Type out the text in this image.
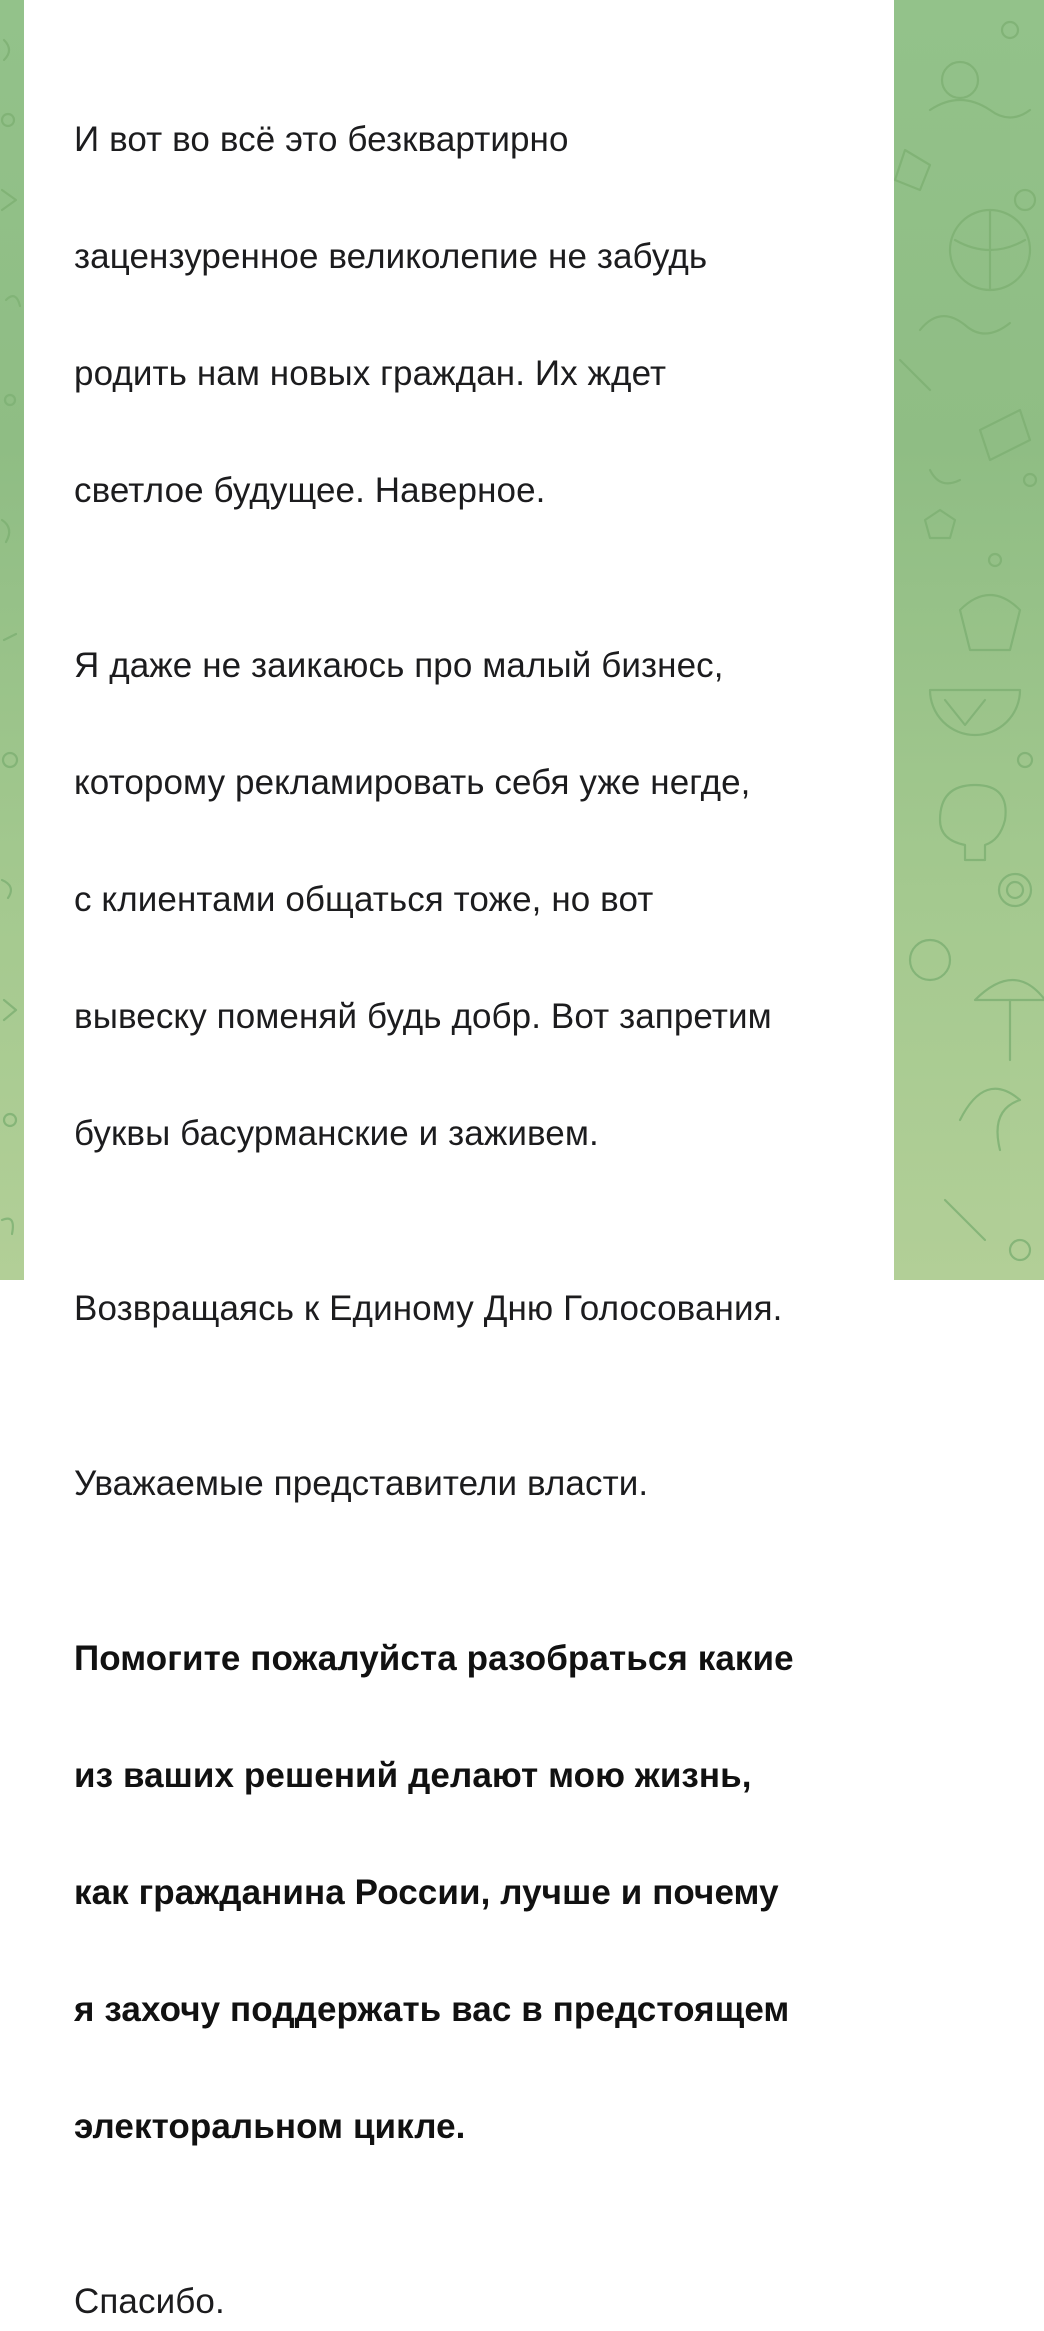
И вот во всё это безквартирно

зацензуренное великолепие не забудь

родить нам новых граждан. Их ждет

светлое будущее. Наверное.

Я даже не заикаюсь про малый бизнес,

которому рекламировать себя уже негде,

с клиентами общаться тоже, но вот

вывеску поменяй будь добр. Вот запретим

буквы басурманские и заживем.

Возвращаясь к Единому Дню Голосования.

Уважаемые представители власти.

Помогите пожалуйста разобраться какие

из ваших решений делают мою жизнь,

как гражданина России, лучше и почему

я захочу поддержать вас в предстоящем

электоральном цикле.

Спасибо.
